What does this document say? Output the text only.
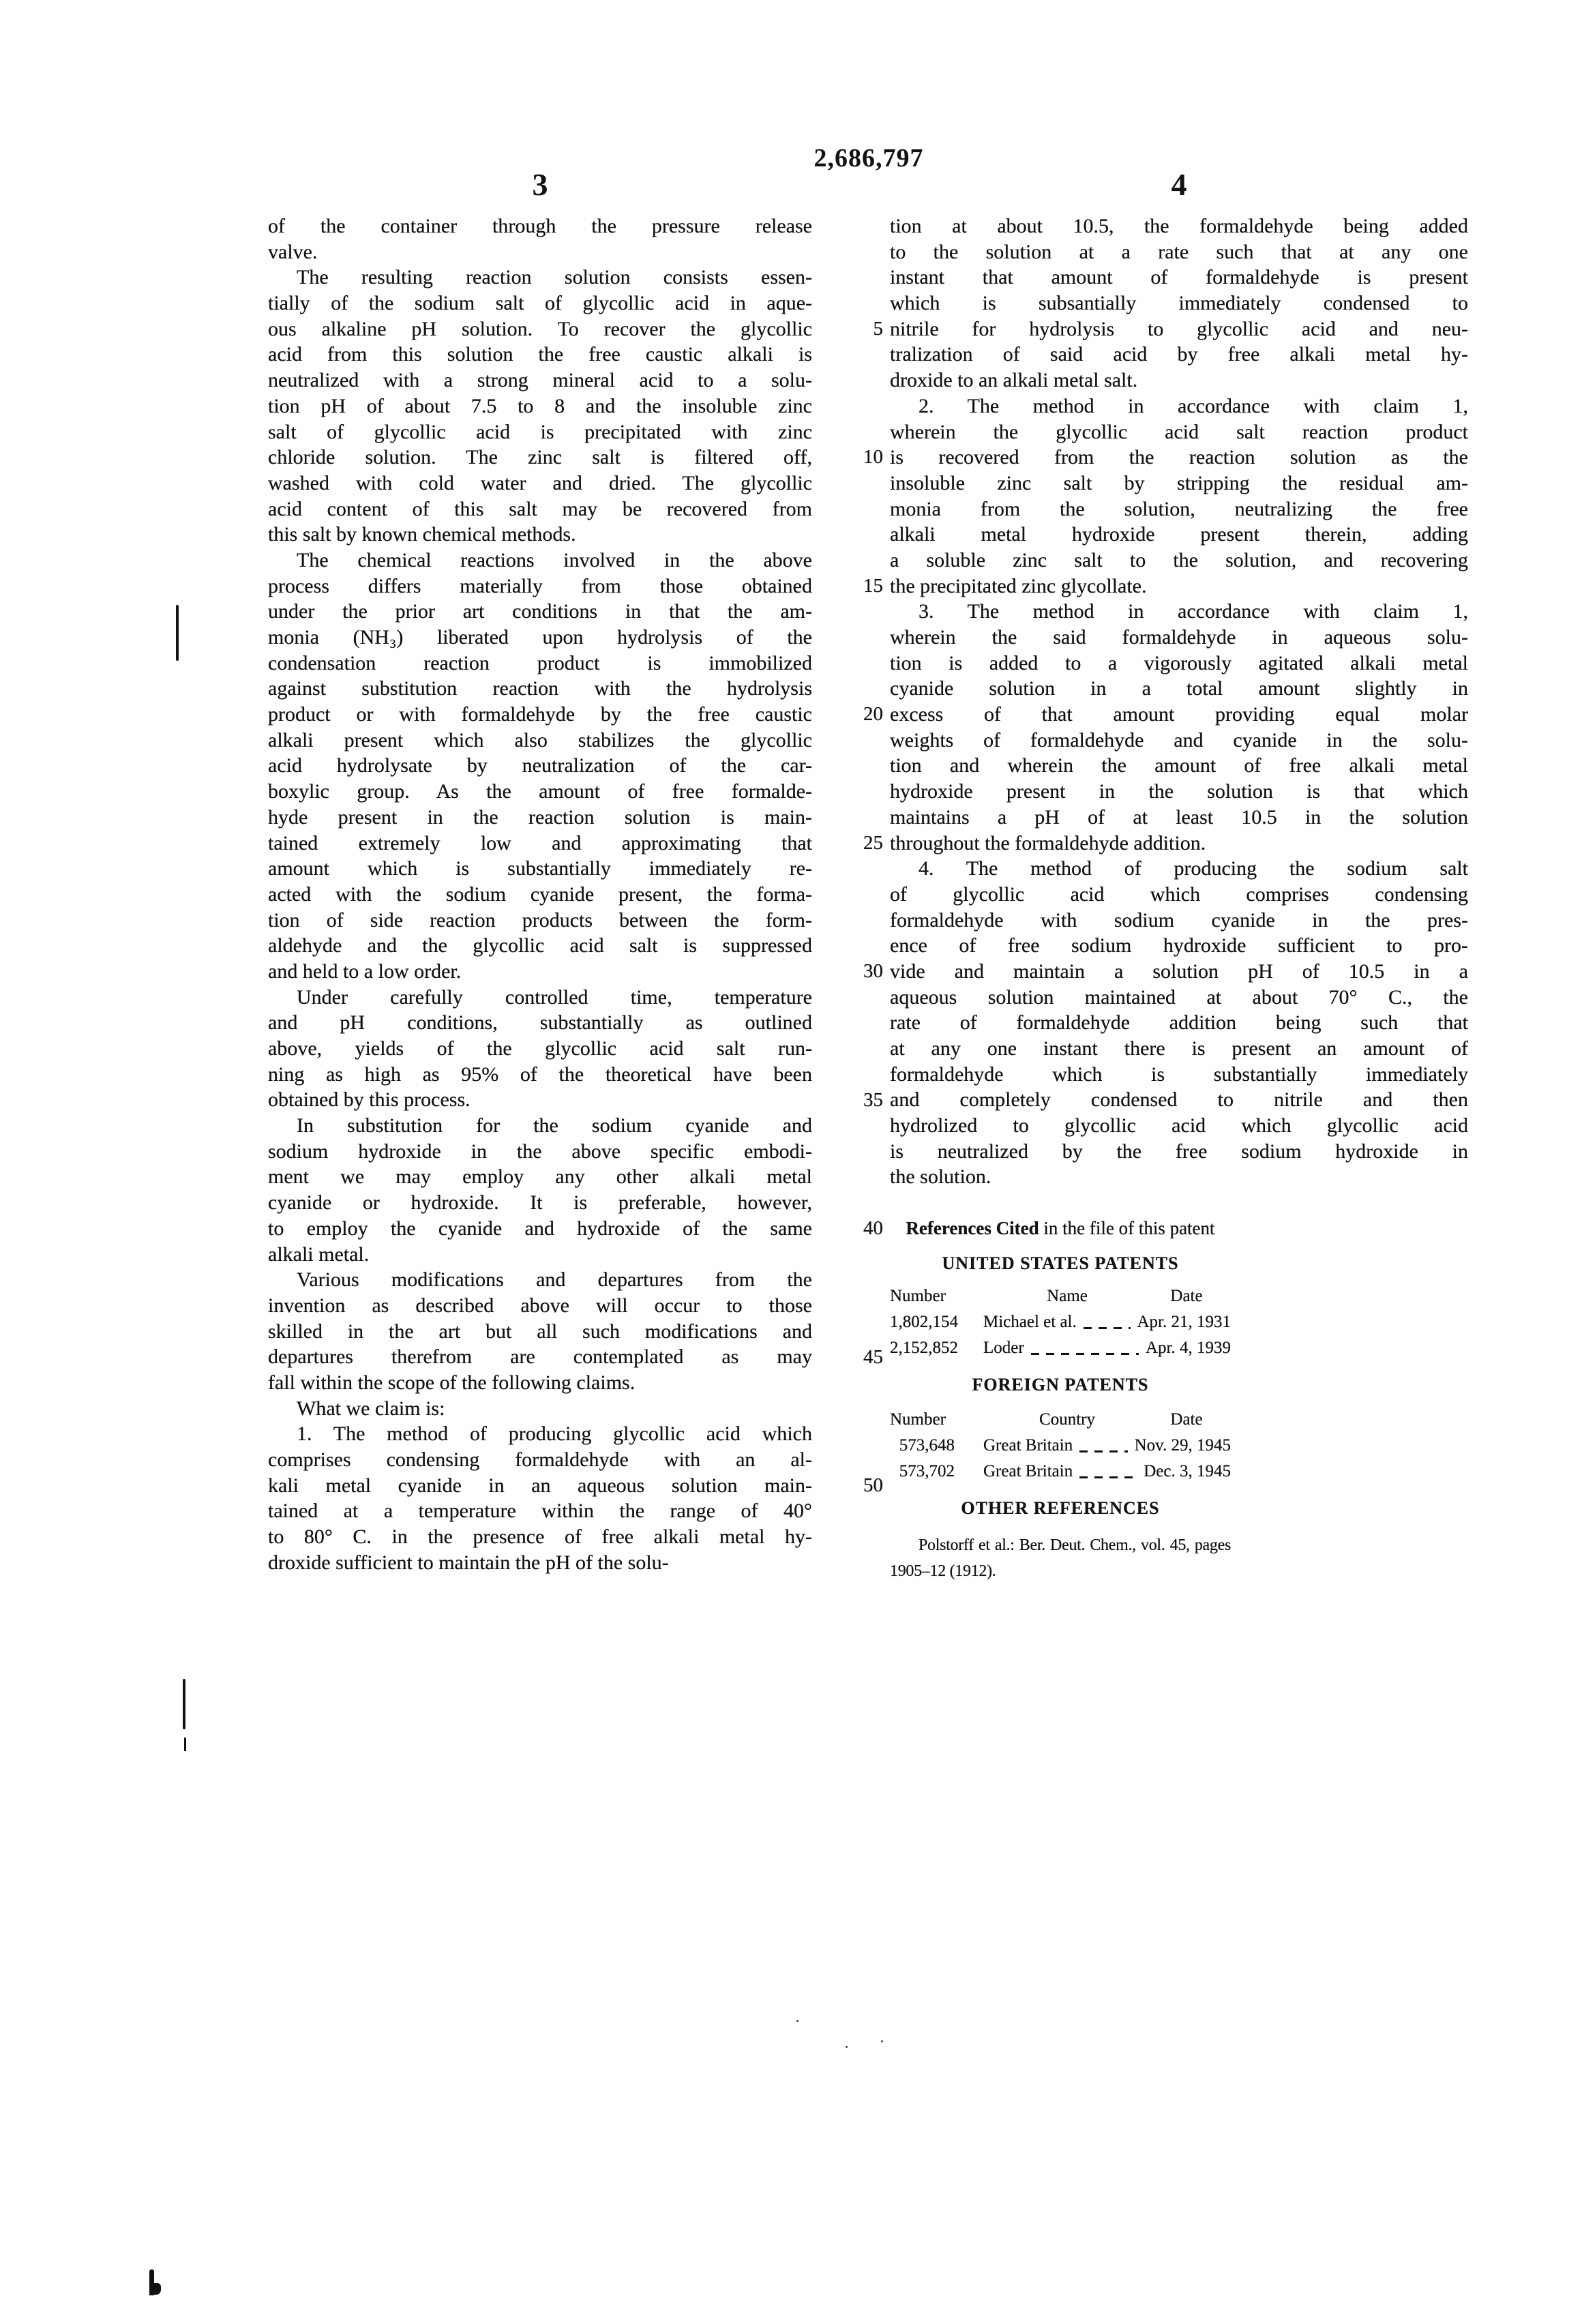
2,686,797
3	4
5
10
15
20
25
30
35
40
45
50
of the container through the pressure release
valve.
The resulting reaction solution consists essen-
tially of the sodium salt of glycollic acid in aque-
ous alkaline pH solution. To recover the glycollic
acid from this solution the free caustic alkali is
neutralized with a strong mineral acid to a solu-
tion pH of about 7.5 to 8 and the insoluble zinc
salt of glycollic acid is precipitated with zinc
chloride solution. The zinc salt is filtered off,
washed with cold water and dried. The glycollic
acid content of this salt may be recovered from
this salt by known chemical methods.
The chemical reactions involved in the above
process differs materially from those obtained
under the prior art conditions in that the am-
monia (NH₃) liberated upon hydrolysis of the
condensation reaction product is immobilized
against substitution reaction with the hydrolysis
product or with formaldehyde by the free caustic
alkali present which also stabilizes the glycollic
acid hydrolysate by neutralization of the car-
boxylic group. As the amount of free formalde-
hyde present in the reaction solution is main-
tained extremely low and approximating that
amount which is substantially immediately re-
acted with the sodium cyanide present, the forma-
tion of side reaction products between the form-
aldehyde and the glycollic acid salt is suppressed
and held to a low order.
Under carefully controlled time, temperature
and pH conditions, substantially as outlined
above, yields of the glycollic acid salt run-
ning as high as 95% of the theoretical have been
obtained by this process.
In substitution for the sodium cyanide and
sodium hydroxide in the above specific embodi-
ment we may employ any other alkali metal
cyanide or hydroxide. It is preferable, however,
to employ the cyanide and hydroxide of the same
alkali metal.
Various modifications and departures from the
invention as described above will occur to those
skilled in the art but all such modifications and
departures therefrom are contemplated as may
fall within the scope of the following claims.
What we claim is:
1. The method of producing glycollic acid which
comprises condensing formaldehyde with an al-
kali metal cyanide in an aqueous solution main-
tained at a temperature within the range of 40°
to 80° C. in the presence of free alkali metal hy-
droxide sufficient to maintain the pH of the solu-
tion at about 10.5, the formaldehyde being added
to the solution at a rate such that at any one
instant that amount of formaldehyde is present
which is subsantially immediately condensed to
nitrile for hydrolysis to glycollic acid and neu-
tralization of said acid by free alkali metal hy-
droxide to an alkali metal salt.
2. The method in accordance with claim 1,
wherein the glycollic acid salt reaction product
is recovered from the reaction solution as the
insoluble zinc salt by stripping the residual am-
monia from the solution, neutralizing the free
alkali metal hydroxide present therein, adding
a soluble zinc salt to the solution, and recovering
the precipitated zinc glycollate.
3. The method in accordance with claim 1,
wherein the said formaldehyde in aqueous solu-
tion is added to a vigorously agitated alkali metal
cyanide solution in a total amount slightly in
excess of that amount providing equal molar
weights of formaldehyde and cyanide in the solu-
tion and wherein the amount of free alkali metal
hydroxide present in the solution is that which
maintains a pH of at least 10.5 in the solution
throughout the formaldehyde addition.
4. The method of producing the sodium salt
of glycollic acid which comprises condensing
formaldehyde with sodium cyanide in the pres-
ence of free sodium hydroxide sufficient to pro-
vide and maintain a solution pH of 10.5 in a
aqueous solution maintained at about 70° C., the
rate of formaldehyde addition being such that
at any one instant there is present an amount of
formaldehyde which is substantially immediately
and completely condensed to nitrile and then
hydrolized to glycollic acid which glycollic acid
is neutralized by the free sodium hydroxide in
the solution.
References Cited in the file of this patent
UNITED STATES PATENTS
Number	Name	Date
1,802,154 Michael et al.	Apr. 21, 1931
2,152,852 Loder	Apr. 4, 1939
FOREIGN PATENTS
Number	Country	Date
573,648 Great Britain	Nov. 29, 1945
573,702 Great Britain	Dec. 3, 1945
OTHER REFERENCES
Polstorff et al.: Ber. Deut. Chem., vol. 45, pages
1905–12 (1912).
